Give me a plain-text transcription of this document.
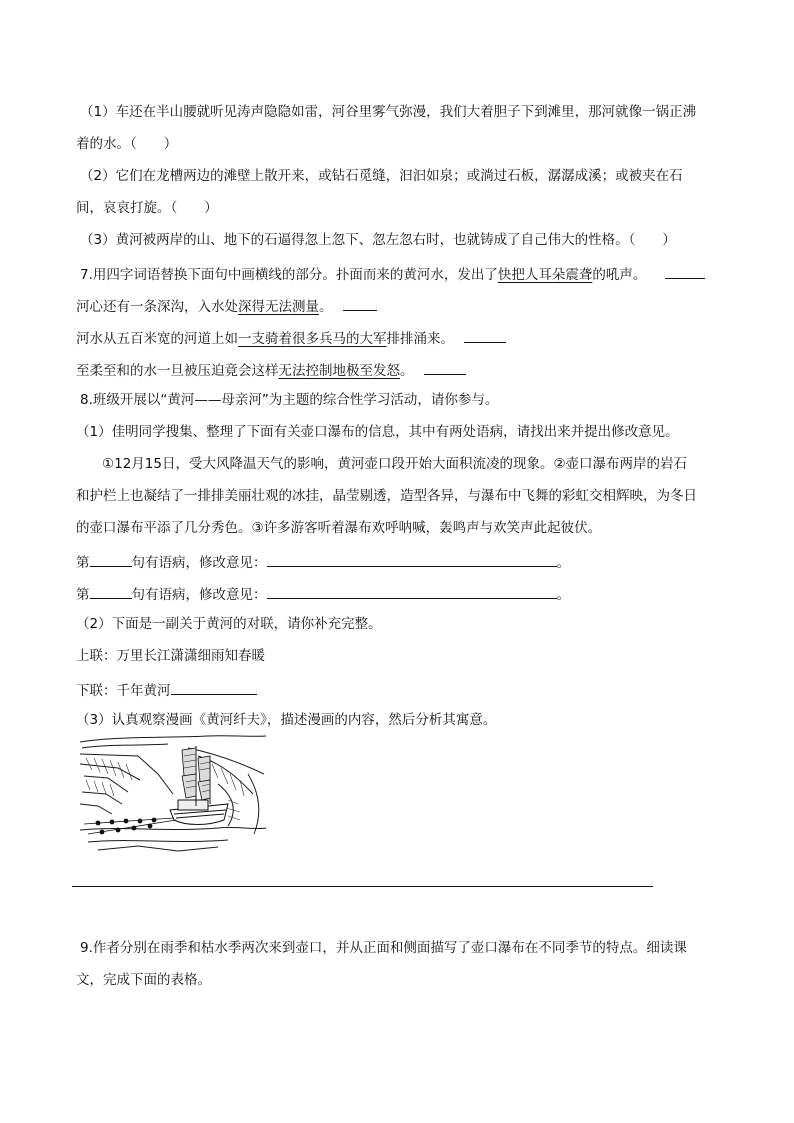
（1）车还在半山腰就听见涛声隐隐如雷，河谷里雾气弥漫，我们大着胆子下到滩里，那河就像一锅正沸
着的水。（　　）
（2）它们在龙槽两边的滩壁上散开来，或钻石觅缝，汩汩如泉；或淌过石板，潺潺成溪；或被夹在石
间，哀哀打旋。（　　）
（3）黄河被两岸的山、地下的石逼得忽上忽下、忽左忽右时，也就铸成了自己伟大的性格。（　　）
7.用四字词语替换下面句中画横线的部分。扑面而来的黄河水，发出了快把人耳朵震聋的吼声。
河心还有一条深沟，入水处深得无法测量。
河水从五百米宽的河道上如一支骑着很多兵马的大军排排涌来。
至柔至和的水一旦被压迫竟会这样无法控制地极至发怒。
8.班级开展以“黄河——母亲河”为主题的综合性学习活动，请你参与。
（1）佳明同学搜集、整理了下面有关壶口瀑布的信息，其中有两处语病，请找出来并提出修改意见。
①12月15日，受大风降温天气的影响，黄河壶口段开始大面积流凌的现象。②壶口瀑布两岸的岩石
和护栏上也凝结了一排排美丽壮观的冰挂，晶莹剔透，造型各异，与瀑布中飞舞的彩虹交相辉映，为冬日
的壶口瀑布平添了几分秀色。③许多游客听着瀑布欢呼呐喊，轰鸣声与欢笑声此起彼伏。
第	句有语病，修改意见：	。
第	句有语病，修改意见：	。
（2）下面是一副关于黄河的对联，请你补充完整。
上联：万里长江潇潇细雨知春暖
下联：千年黄河
（3）认真观察漫画《黄河纤夫》，描述漫画的内容，然后分析其寓意。
9.作者分别在雨季和枯水季两次来到壶口，并从正面和侧面描写了壶口瀑布在不同季节的特点。细读课
文，完成下面的表格。
